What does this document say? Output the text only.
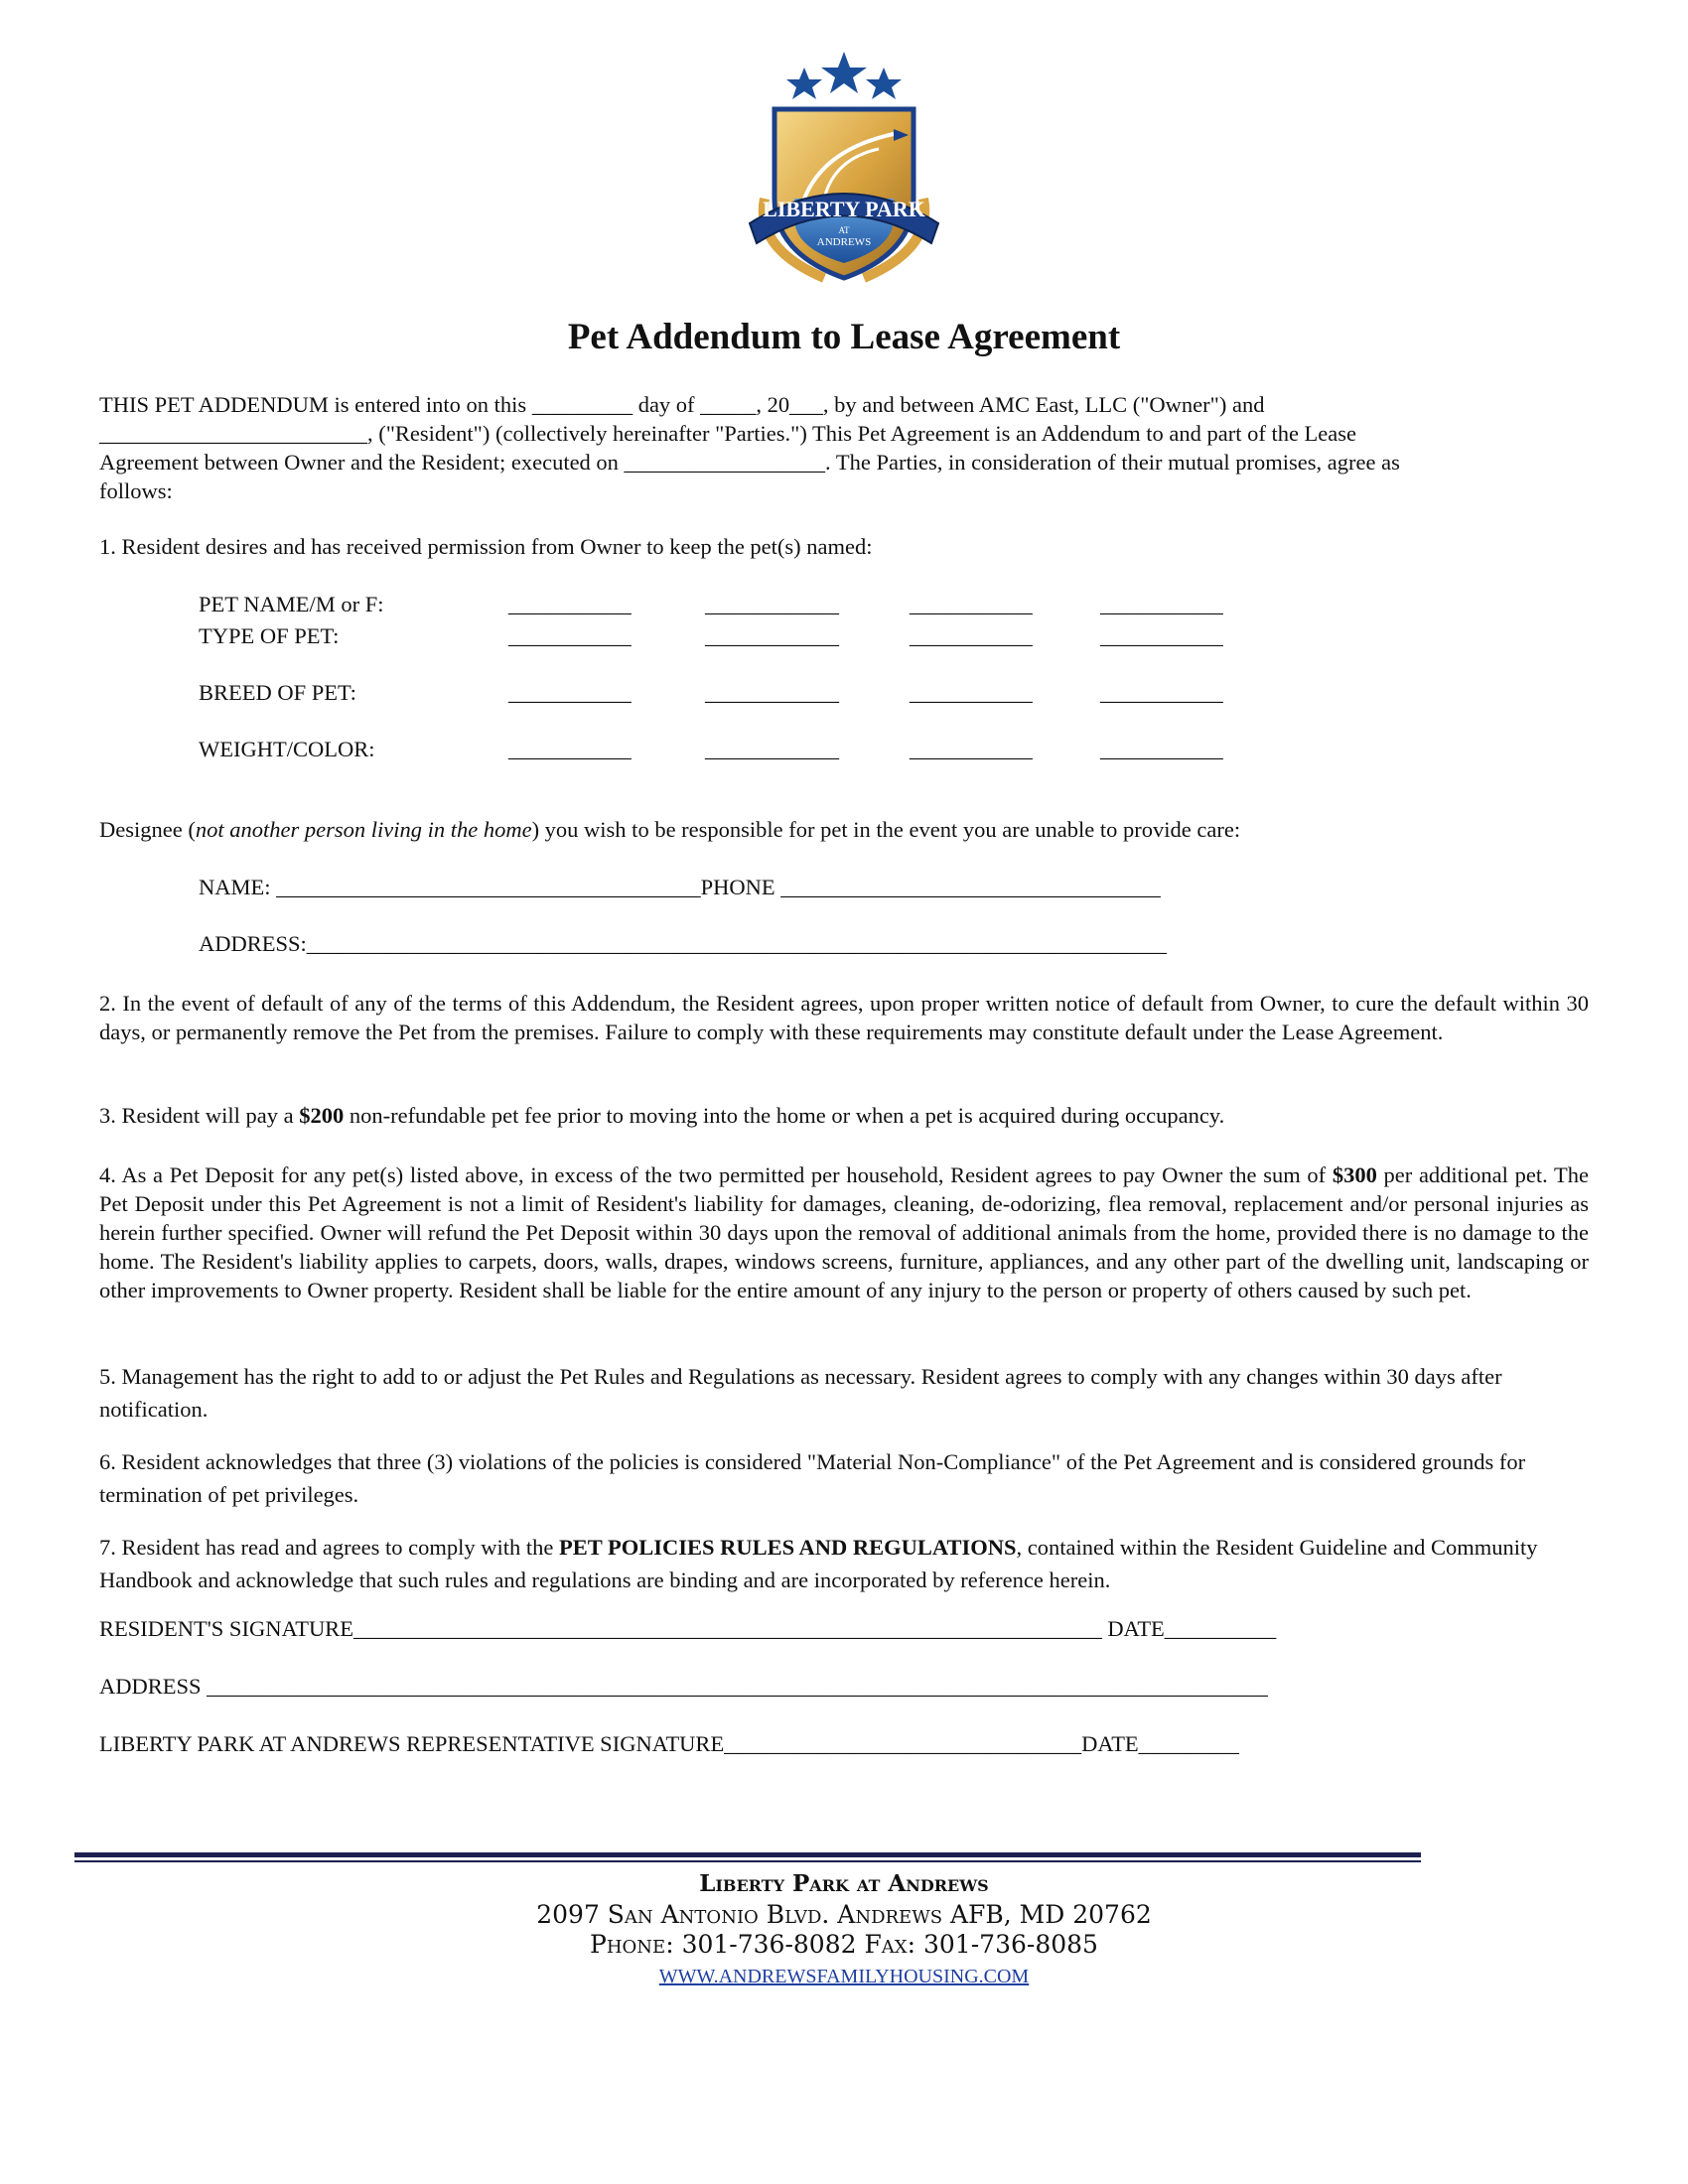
LIBERTY PARK
AT
ANDREWS
Pet Addendum to Lease Agreement
THIS PET ADDENDUM is entered into on this _________ day of _____, 20___, by and between AMC East, LLC ("Owner") and
________________________, ("Resident") (collectively hereinafter "Parties.") This Pet Agreement is an Addendum to and part of the Lease
Agreement between Owner and the Resident; executed on __________________. The Parties, in consideration of their mutual promises, agree as
follows:
1. Resident desires and has received permission from Owner to keep the pet(s) named:
PET NAME/M or F:	___________	____________	___________	___________
TYPE OF PET:	___________	____________	___________	___________
BREED OF PET:	___________	____________	___________	___________
WEIGHT/COLOR:	___________	____________	___________	___________
Designee (not another person living in the home) you wish to be responsible for pet in the event you are unable to provide care:
NAME: ______________________________________PHONE __________________________________
ADDRESS:_____________________________________________________________________________

2. In the event of default of any of the terms of this Addendum, the Resident agrees, upon proper written notice of default from Owner, to cure the default within 30 days, or permanently remove the Pet from the premises. Failure to comply with these requirements may constitute default under the Lease Agreement.

3. Resident will pay a $200 non-refundable pet fee prior to moving into the home or when a pet is acquired during occupancy.

4. As a Pet Deposit for any pet(s) listed above, in excess of the two permitted per household, Resident agrees to pay Owner the sum of $300 per additional pet. The Pet Deposit under this Pet Agreement is not a limit of Resident's liability for damages, cleaning, de-odorizing, flea removal, replacement and/or personal injuries as herein further specified. Owner will refund the Pet Deposit within 30 days upon the removal of additional animals from the home, provided there is no damage to the home. The Resident's liability applies to carpets, doors, walls, drapes, windows screens, furniture, appliances, and any other part of the dwelling unit, landscaping or other improvements to Owner property. Resident shall be liable for the entire amount of any injury to the person or property of others caused by such pet.

5. Management has the right to add to or adjust the Pet Rules and Regulations as necessary. Resident agrees to comply with any changes within 30 days after notification.

6. Resident acknowledges that three (3) violations of the policies is considered "Material Non-Compliance" of the Pet Agreement and is considered grounds for termination of pet privileges.

7. Resident has read and agrees to comply with the PET POLICIES RULES AND REGULATIONS, contained within the Resident Guideline and Community Handbook and acknowledge that such rules and regulations are binding and are incorporated by reference herein.

RESIDENT'S SIGNATURE___________________________________________________________________ DATE__________
ADDRESS _______________________________________________________________________________________________
LIBERTY PARK AT ANDREWS REPRESENTATIVE SIGNATURE________________________________DATE_________
Liberty Park at Andrews
2097 San Antonio Blvd. Andrews AFB, MD 20762
Phone: 301-736-8082 Fax: 301-736-8085
WWW.ANDREWSFAMILYHOUSING.COM
